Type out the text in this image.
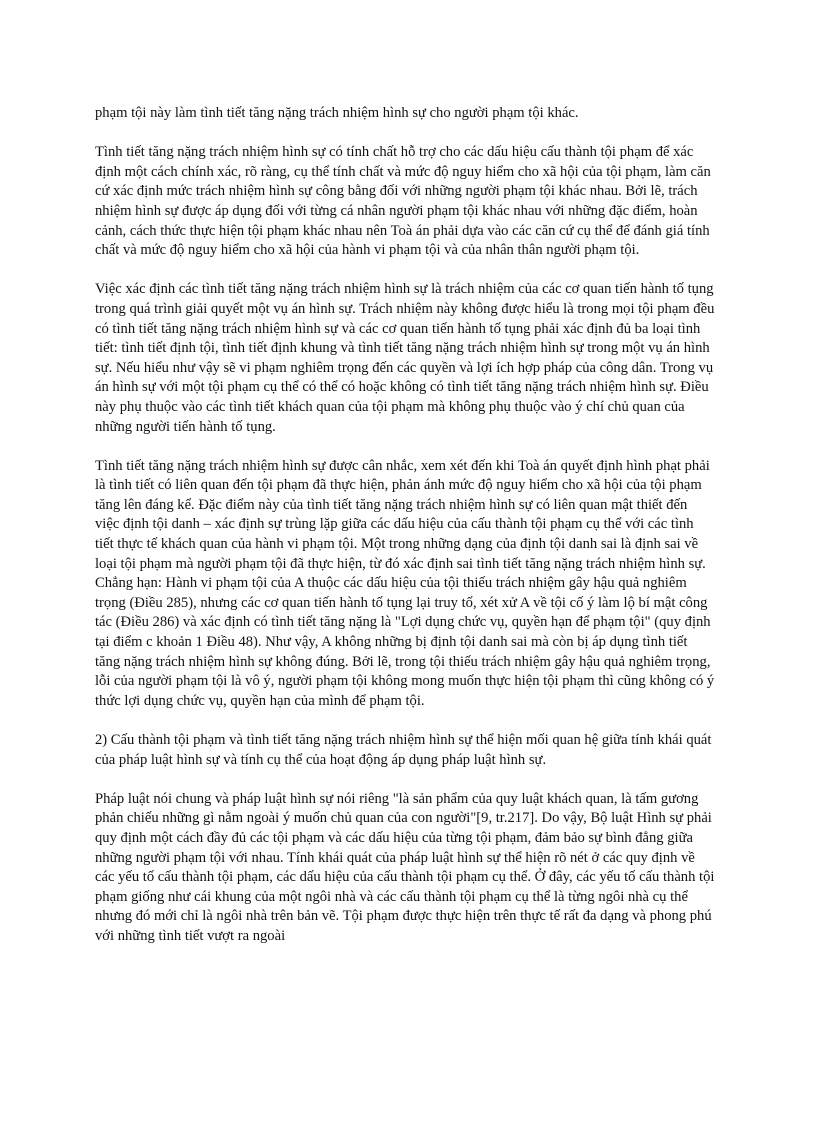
phạm tội này làm tình tiết tăng nặng trách nhiệm hình sự cho người phạm tội khác.

Tình tiết tăng nặng trách nhiệm hình sự có tính chất hỗ trợ cho các dấu hiệu cấu thành tội phạm để xác định một cách chính xác, rõ ràng, cụ thể tính chất và mức độ nguy hiểm cho xã hội của tội phạm, làm căn cứ xác định mức trách nhiệm hình sự công bằng đối với những người phạm tội khác nhau. Bởi lẽ, trách nhiệm hình sự được áp dụng đối với từng cá nhân người phạm tội khác nhau với những đặc điểm, hoàn cảnh, cách thức thực hiện tội phạm khác nhau nên Toà án phải dựa vào các căn cứ cụ thể để đánh giá tính chất và mức độ nguy hiểm cho xã hội của hành vi phạm tội và của nhân thân người phạm tội.

Việc xác định các tình tiết tăng nặng trách nhiệm hình sự là trách nhiệm của các cơ quan tiến hành tố tụng trong quá trình giải quyết một vụ án hình sự. Trách nhiệm này không được hiểu là trong mọi tội phạm đều có tình tiết tăng nặng trách nhiệm hình sự và các cơ quan tiến hành tố tụng phải xác định đủ ba loại tình tiết: tình tiết định tội, tình tiết định khung và tình tiết tăng nặng trách nhiệm hình sự trong một vụ án hình sự. Nếu hiểu như vậy sẽ vi phạm nghiêm trọng đến các quyền và lợi ích hợp pháp của công dân. Trong vụ án hình sự với một tội phạm cụ thể có thể có hoặc không có tình tiết tăng nặng trách nhiệm hình sự. Điều này phụ thuộc vào các tình tiết khách quan của tội phạm mà không phụ thuộc vào ý chí chủ quan của những người tiến hành tố tụng.

Tình tiết tăng nặng trách nhiệm hình sự được cân nhắc, xem xét đến khi Toà án quyết định hình phạt phải là tình tiết có liên quan đến tội phạm đã thực hiện, phản ánh mức độ nguy hiểm cho xã hội của tội phạm tăng lên đáng kể. Đặc điểm này của tình tiết tăng nặng trách nhiệm hình sự có liên quan mật thiết đến việc định tội danh – xác định sự trùng lặp giữa các dấu hiệu của cấu thành tội phạm cụ thể với các tình tiết thực tế khách quan của hành vi phạm tội. Một trong những dạng của định tội danh sai là định sai về loại tội phạm mà người phạm tội đã thực hiện, từ đó xác định sai tình tiết tăng nặng trách nhiệm hình sự. Chẳng hạn: Hành vi phạm tội của A thuộc các dấu hiệu của tội thiếu trách nhiệm gây hậu quả nghiêm trọng (Điều 285), nhưng các cơ quan tiến hành tố tụng lại truy tố, xét xử A về tội cố ý làm lộ bí mật công tác (Điều 286) và xác định có tình tiết tăng nặng là "Lợi dụng chức vụ, quyền hạn để phạm tội" (quy định tại điểm c khoản 1 Điều 48). Như vậy, A không những bị định tội danh sai mà còn bị áp dụng tình tiết tăng nặng trách nhiệm hình sự không đúng. Bởi lẽ, trong tội thiếu trách nhiệm gây hậu quả nghiêm trọng, lỗi của người phạm tội là vô ý, người phạm tội không mong muốn thực hiện tội phạm thì cũng không có ý thức lợi dụng chức vụ, quyền hạn của mình để phạm tội.

2) Cấu thành tội phạm và tình tiết tăng nặng trách nhiệm hình sự thể hiện mối quan hệ giữa tính khái quát của pháp luật hình sự và tính cụ thể của hoạt động áp dụng pháp luật hình sự.

Pháp luật nói chung và pháp luật hình sự nói riêng "là sản phẩm của quy luật khách quan, là tấm gương phản chiếu những gì nằm ngoài ý muốn chủ quan của con người"[9, tr.217]. Do vậy, Bộ luật Hình sự phải quy định một cách đầy đủ các tội phạm và các dấu hiệu của từng tội phạm, đảm bảo sự bình đẳng giữa những người phạm tội với nhau. Tính khái quát của pháp luật hình sự thể hiện rõ nét ở các quy định về các yếu tố cấu thành tội phạm, các dấu hiệu của cấu thành tội phạm cụ thể. Ở đây, các yếu tố cấu thành tội phạm giống như cái khung của một ngôi nhà và các cấu thành tội phạm cụ thể là từng ngôi nhà cụ thể nhưng đó mới chỉ là ngôi nhà trên bản vẽ. Tội phạm được thực hiện trên thực tế rất đa dạng và phong phú với những tình tiết vượt ra ngoài
